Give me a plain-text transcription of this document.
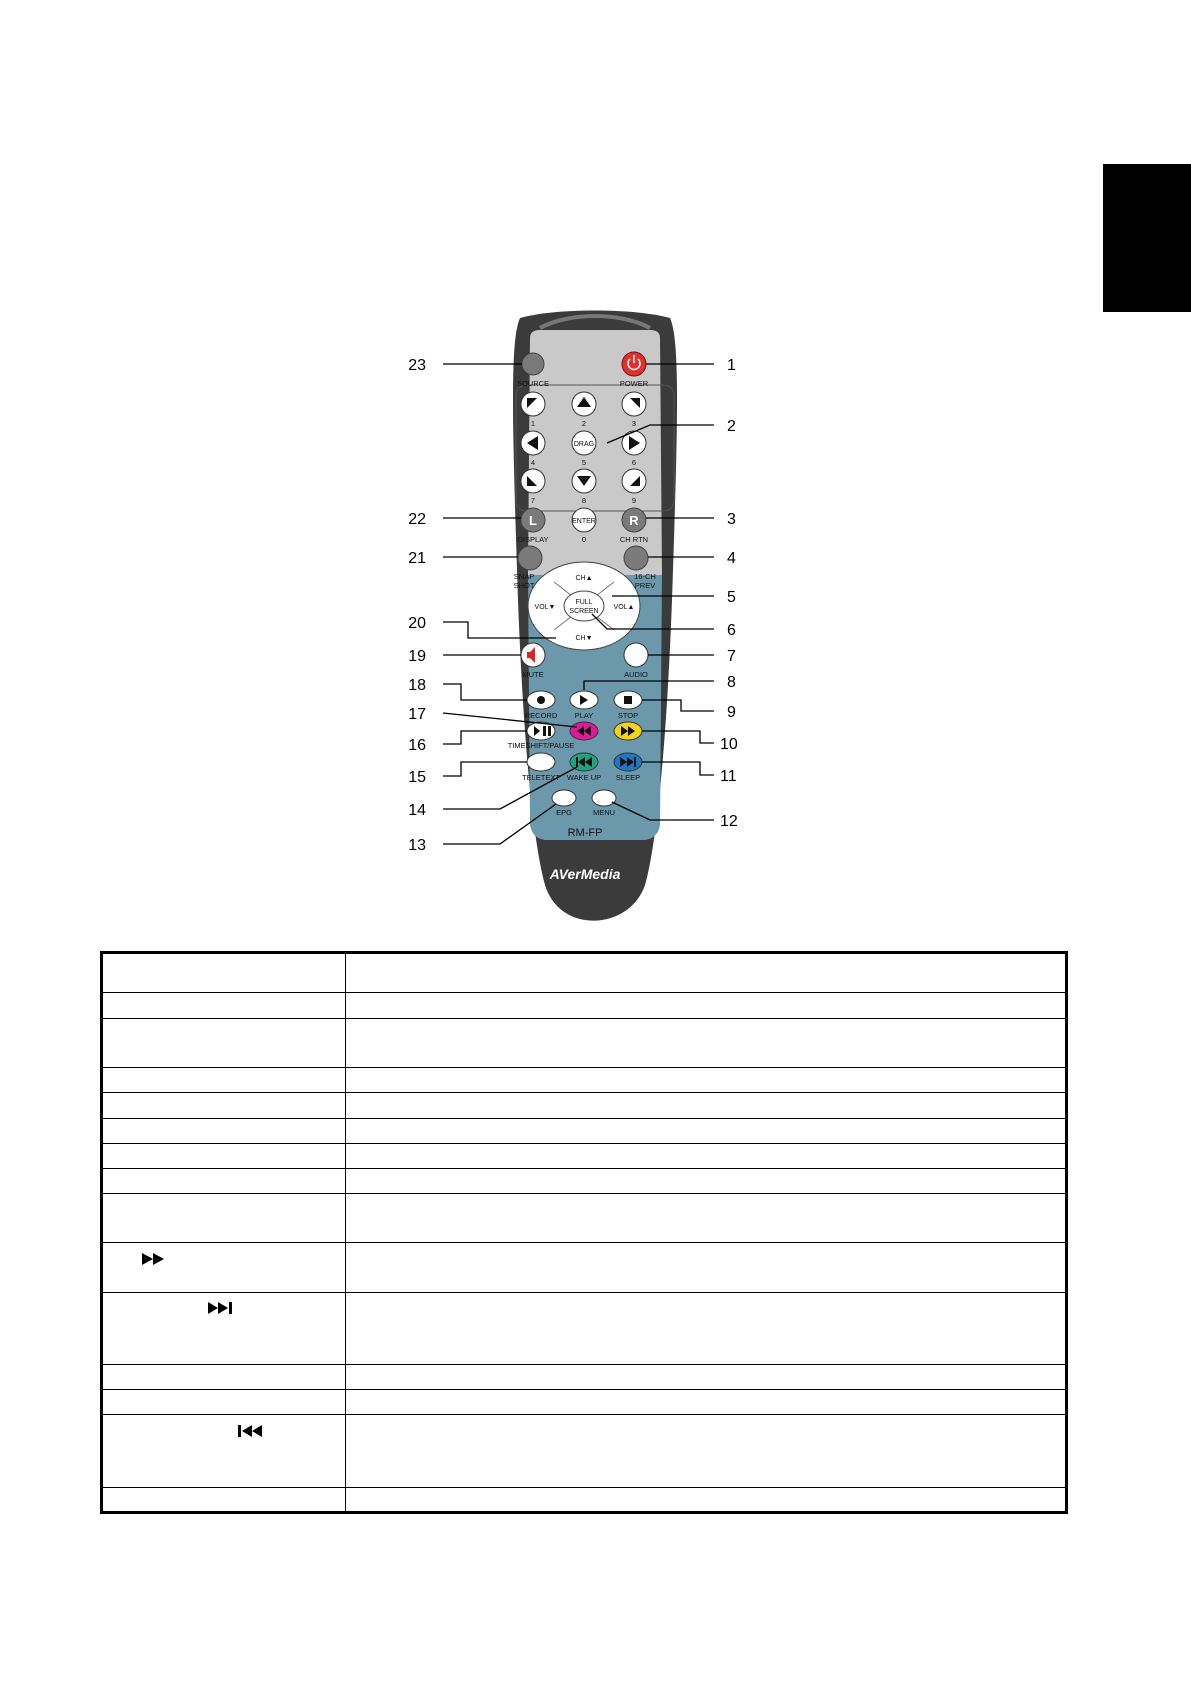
SOURCE	POWER
1	2	3
4
DRAG
5	6
7	8	9
L
DISPLAY
ENTER
0
R
CH RTN
SNAP
SHOT
16-CH
PREV
CH▲
CH▼
VOL▼	VOL▲
FULL
SCREEN
MUTE	AUDIO
RECORD PLAY	STOP
TIMESHIFT/PAUSE
TELETEXT WAKE UP SLEEP
EPG	MENU
RM-FP
AVerMedia
23	1
2
22	3
21	4
5
20	6
19	7
8
18
17	9
16	10
15	11
14
12
13
